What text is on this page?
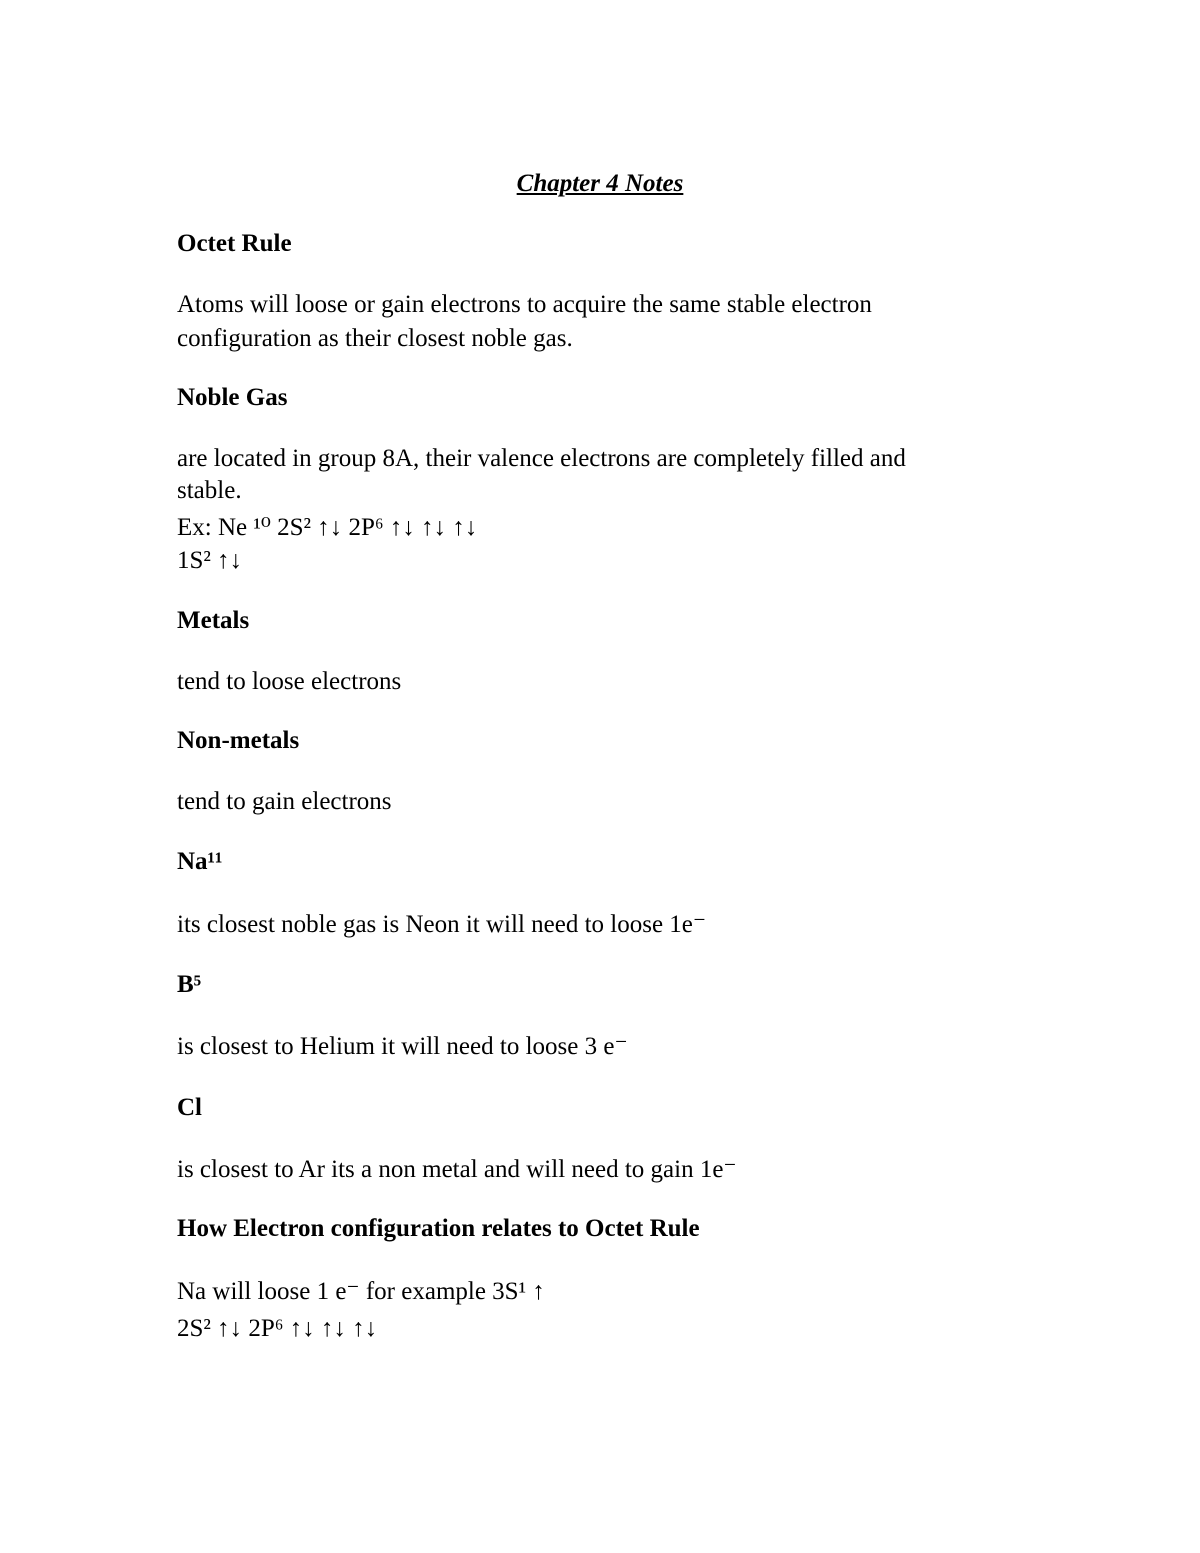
Chapter 4 Notes
Octet Rule
Atoms will loose or gain electrons to acquire the same stable electron
configuration as their closest noble gas.
Noble Gas
are located in group 8A, their valence electrons are completely filled and
stable.
Ex: Ne ¹⁰ 2S² ↑↓ 2P⁶ ↑↓ ↑↓ ↑↓
1S² ↑↓
Metals
tend to loose electrons
Non-metals
tend to gain electrons
Na¹¹
its closest noble gas is Neon it will need to loose 1e⁻
B⁵
is closest to Helium it will need to loose 3 e⁻
Cl
is closest to Ar its a non metal and will need to gain 1e⁻
How Electron configuration relates to Octet Rule
Na will loose 1 e⁻ for example 3S¹ ↑
2S² ↑↓ 2P⁶ ↑↓ ↑↓ ↑↓
